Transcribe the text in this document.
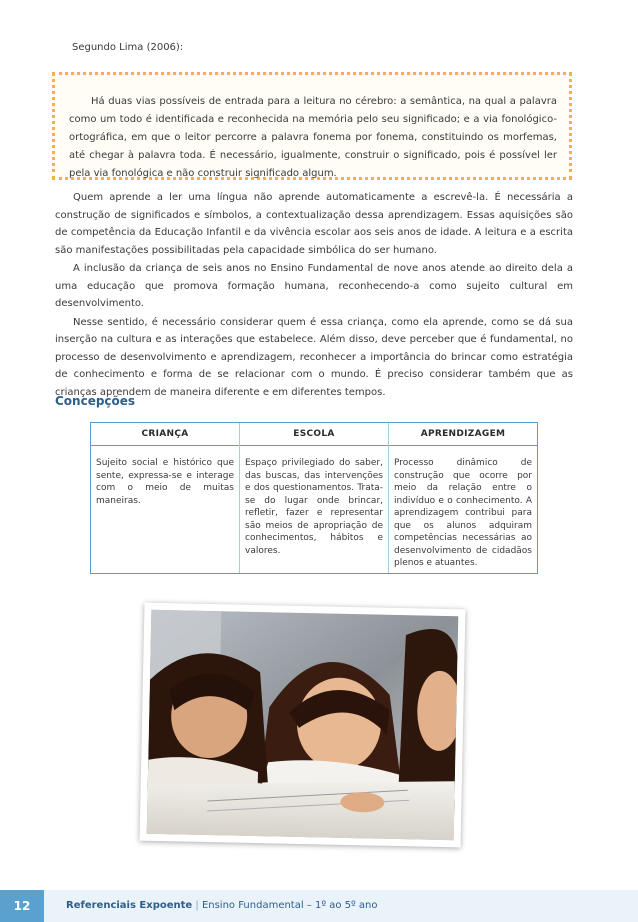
Segundo Lima (2006):

Há duas vias possíveis de entrada para a leitura no cérebro: a semântica, na qual a palavra como um todo é identificada e reconhecida na memória pelo seu significado; e a via fonológico-ortográfica, em que o leitor percorre a palavra fonema por fonema, constituindo os morfemas, até chegar à palavra toda. É necessário, igualmente, construir o significado, pois é possível ler pela via fonológica e não construir significado algum.

Quem aprende a ler uma língua não aprende automaticamente a escrevê-la. É necessária a construção de significados e símbolos, a contextualização dessa aprendizagem. Essas aquisições são de competência da Educação Infantil e da vivência escolar aos seis anos de idade. A leitura e a escrita são manifestações possibilitadas pela capacidade simbólica do ser humano.

A inclusão da criança de seis anos no Ensino Fundamental de nove anos atende ao direito dela a uma educação que promova formação humana, reconhecendo-a como sujeito cultural em desenvolvimento.

Nesse sentido, é necessário considerar quem é essa criança, como ela aprende, como se dá sua inserção na cultura e as interações que estabelece. Além disso, deve perceber que é fundamental, no processo de desenvolvimento e aprendizagem, reconhecer a importância do brincar como estratégia de conhecimento e forma de se relacionar com o mundo. É preciso considerar também que as crianças aprendem de maneira diferente e em diferentes tempos.

Concepções
CRIANÇA
Sujeito social e histórico que sente, expressa-se e interage com o meio de muitas maneiras.
ESCOLA
Espaço privilegiado do saber, das buscas, das intervenções e dos questionamentos. Trata-se do lugar onde brincar, refletir, fazer e representar são meios de apropriação de conhecimentos, hábitos e valores.
APRENDIZAGEM
Processo dinâmico de construção que ocorre por meio da relação entre o indivíduo e o conhecimento. A aprendizagem contribui para que os alunos adquiram competências necessárias ao desenvolvimento de cidadãos plenos e atuantes.
12	Referenciais Expoente | Ensino Fundamental – 1º ao 5º ano
